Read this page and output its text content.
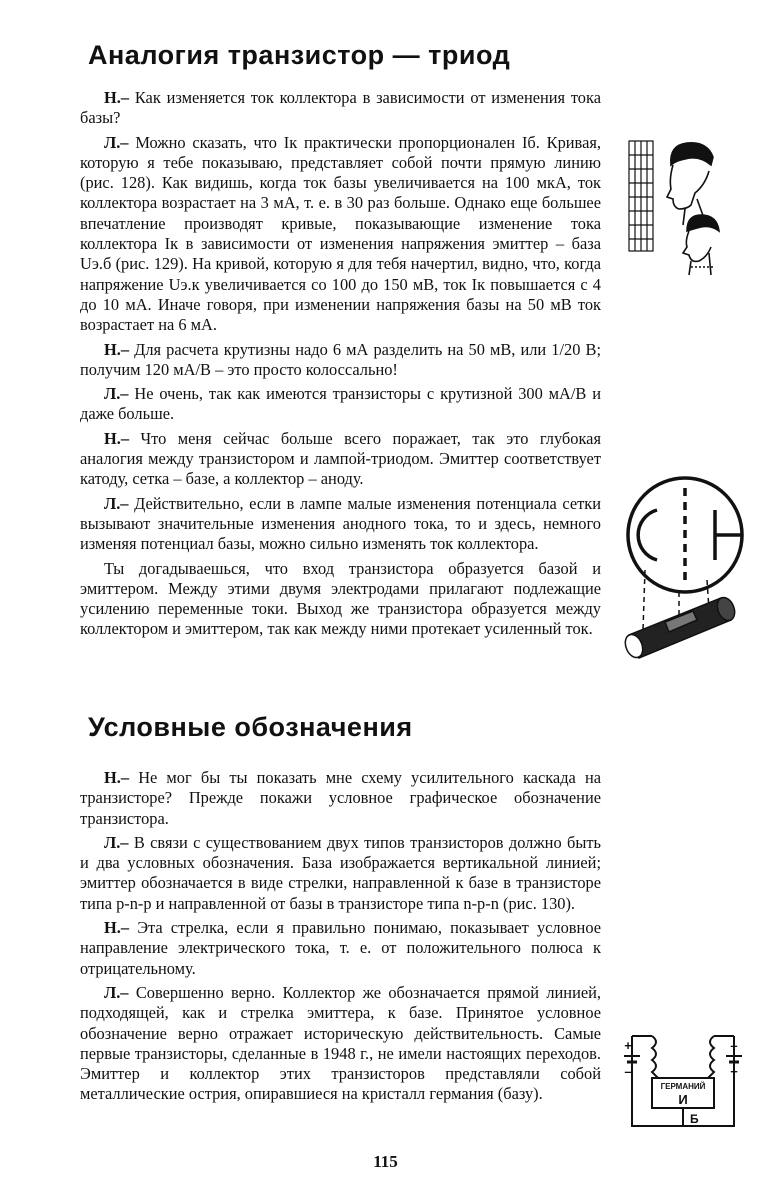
Аналогия транзистор — триод

Н.– Как изменяется ток коллектора в зависимости от изменения тока базы?

Л.– Можно сказать, что Iк практически пропорционален Iб. Кривая, которую я тебе показываю, представляет собой почти прямую линию (рис. 128). Как видишь, когда ток базы увеличивается на 100 мкА, ток коллектора возрастает на 3 мА, т. е. в 30 раз больше. Однако еще большее впечатление производят кривые, показывающие изменение тока коллектора Iк в зависимости от изменения напряжения эмиттер – база Uэ.б (рис. 129). На кривой, которую я для тебя начертил, видно, что, когда напряжение Uэ.к увеличивается со 100 до 150 мВ, ток Iк повышается с 4 до 10 мА. Иначе говоря, при изменении напряжения базы на 50 мВ ток возрастает на 6 мА.

Н.– Для расчета крутизны надо 6 мА разделить на 50 мВ, или 1/20 В; получим 120 мА/В – это просто колоссально!

Л.– Не очень, так как имеются транзисторы с крутизной 300 мА/В и даже больше.

Н.– Что меня сейчас больше всего поражает, так это глубокая аналогия между транзистором и лампой-триодом. Эмиттер соответствует катоду, сетка – базе, а коллектор – аноду.

Л.– Действительно, если в лампе малые изменения потенциала сетки вызывают значительные изменения анодного тока, то и здесь, немного изменяя потенциал базы, можно сильно изменять ток коллектора.

Ты догадываешься, что вход транзистора образуется базой и эмиттером. Между этими двумя электродами прилагают подлежащие усилению переменные токи. Выход же транзистора образуется между коллектором и эмиттером, так как между ними протекает усиленный ток.

Условные обозначения

Н.– Не мог бы ты показать мне схему усилительного каскада на транзисторе? Прежде покажи условное графическое обозначение транзистора.

Л.– В связи с существованием двух типов транзисторов должно быть и два условных обозначения. База изображается вертикальной линией; эмиттер обозначается в виде стрелки, направленной к базе в транзисторе типа p-n-p и направленной от базы в транзисторе типа n-p-n (рис. 130).

Н.– Эта стрелка, если я правильно понимаю, показывает условное направление электрического тока, т. е. от положительного полюса к отрицательному.

Л.– Совершенно верно. Коллектор же обозначается прямой линией, подходящей, как и стрелка эмиттера, к базе. Принятое условное обозначение верно отражает историческую действительность. Самые первые транзисторы, сделанные в 1948 г., не имели настоящих переходов. Эмиттер и коллектор этих транзисторов представляли собой металлические острия, опиравшиеся на кристалл германия (базу).	ГЕРМАНИЙ
И
Б
+
–
–
+
115
